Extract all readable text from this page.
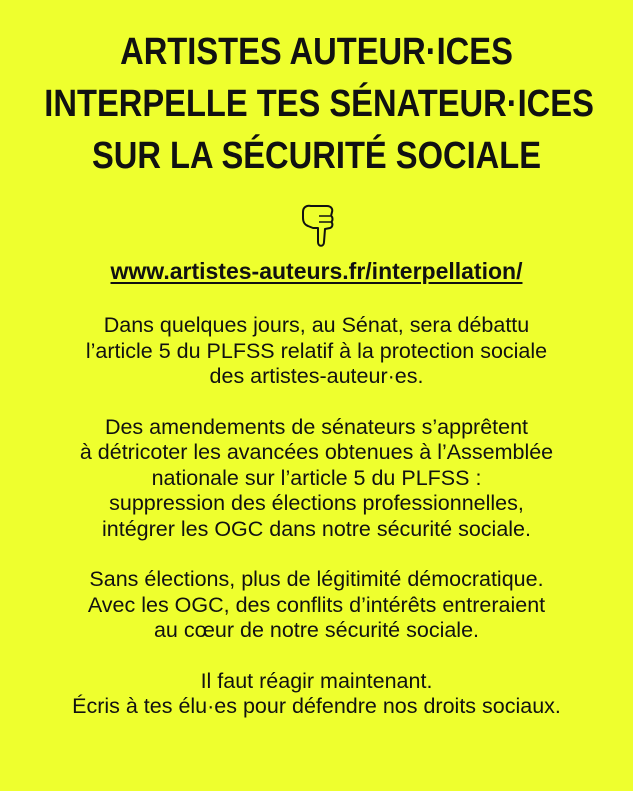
ARTISTES AUTEUR·ICES
INTERPELLE TES SÉNATEUR·ICES
SUR LA SÉCURITÉ SOCIALE
www.artistes-auteurs.fr/interpellation/

Dans quelques jours, au Sénat, sera débattu
l’article 5 du PLFSS relatif à la protection sociale
des artistes-auteur·es.

Des amendements de sénateurs s’apprêtent
à détricoter les avancées obtenues à l’Assemblée
nationale sur l’article 5 du PLFSS :
suppression des élections professionnelles,
intégrer les OGC dans notre sécurité sociale.

Sans élections, plus de légitimité démocratique.
Avec les OGC, des conflits d’intérêts entreraient
au cœur de notre sécurité sociale.

Il faut réagir maintenant.
Écris à tes élu·es pour défendre nos droits sociaux.
